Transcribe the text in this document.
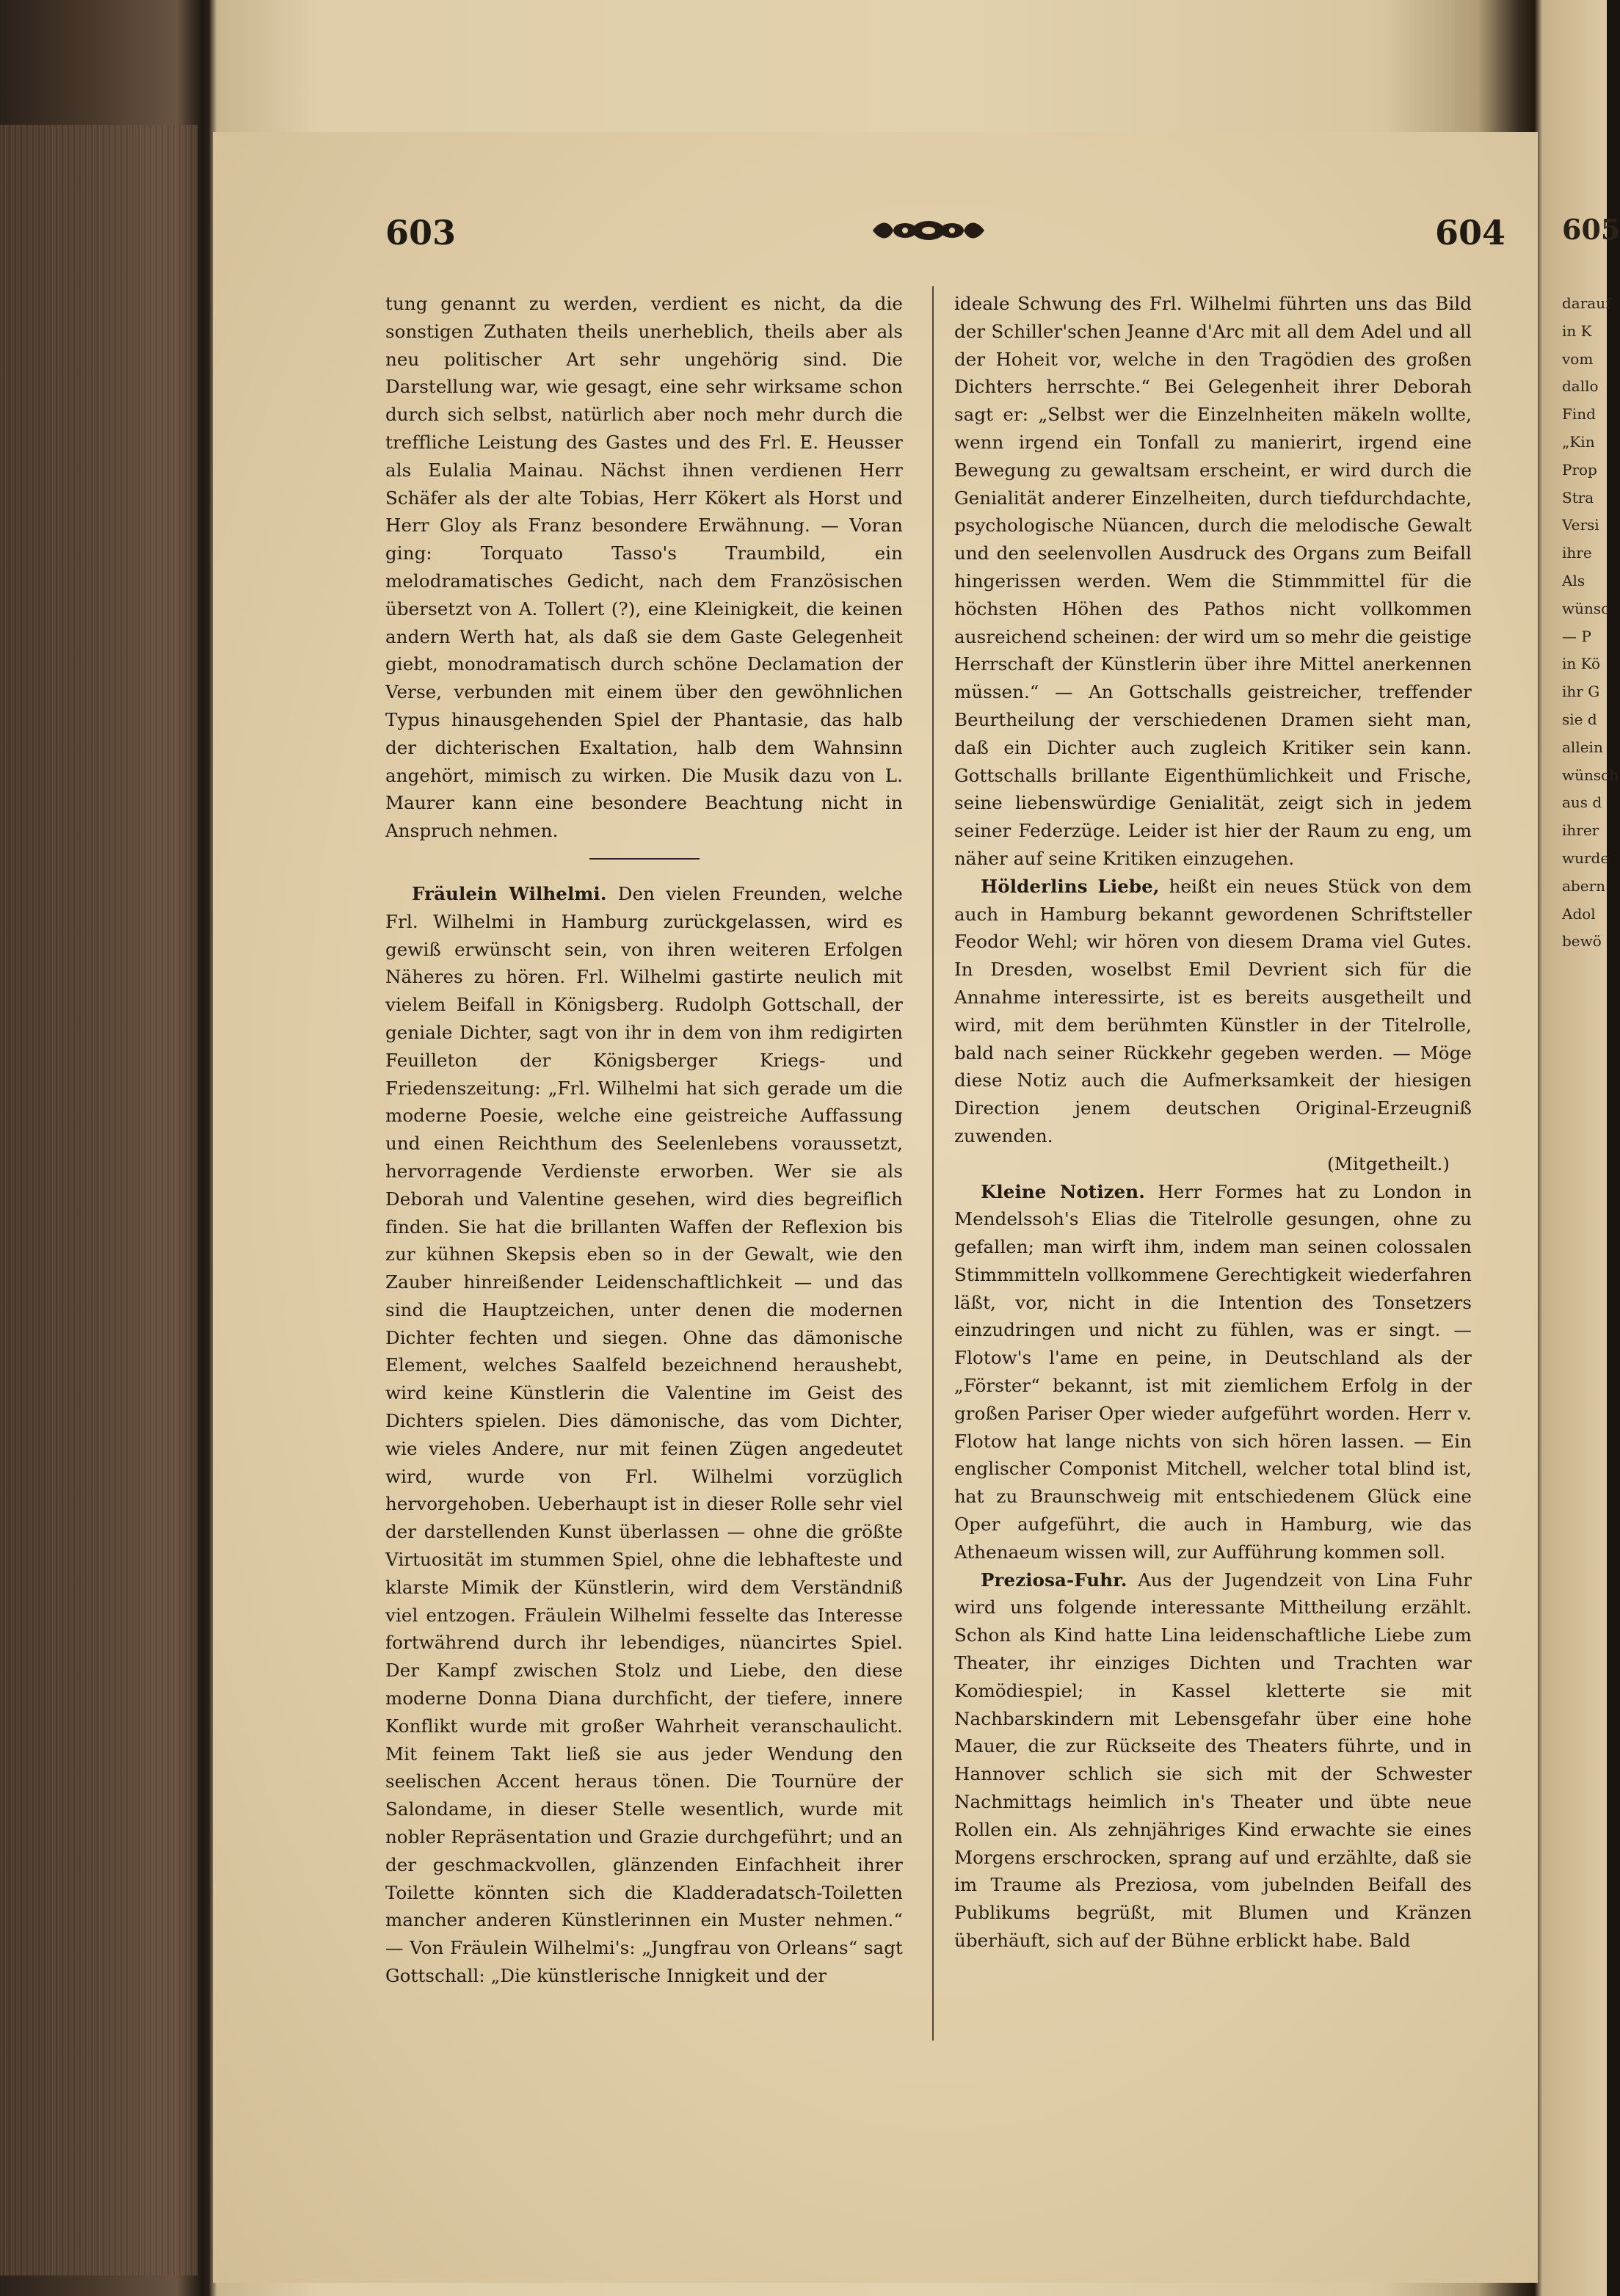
603	604

tung genannt zu werden, verdient es nicht, da die sonstigen Zuthaten theils unerheblich, theils aber als neu politischer Art sehr ungehörig sind. Die Darstellung war, wie gesagt, eine sehr wirksame schon durch sich selbst, natürlich aber noch mehr durch die treffliche Leistung des Gastes und des Frl. E. Heusser als Eulalia Mainau. Nächst ihnen verdienen Herr Schäfer als der alte Tobias, Herr Kökert als Horst und Herr Gloy als Franz besondere Erwähnung. — Voran ging: Torquato Tasso's Traumbild, ein melodramatisches Gedicht, nach dem Französischen übersetzt von A. Tollert (?), eine Kleinigkeit, die keinen andern Werth hat, als daß sie dem Gaste Gelegenheit giebt, monodramatisch durch schöne Declamation der Verse, verbunden mit einem über den gewöhnlichen Typus hinausgehenden Spiel der Phantasie, das halb der dichterischen Exaltation, halb dem Wahnsinn angehört, mimisch zu wirken. Die Musik dazu von L. Maurer kann eine besondere Beachtung nicht in Anspruch nehmen.

Fräulein Wilhelmi. Den vielen Freunden, welche Frl. Wilhelmi in Hamburg zurückgelassen, wird es gewiß erwünscht sein, von ihren weiteren Erfolgen Näheres zu hören. Frl. Wilhelmi gastirte neulich mit vielem Beifall in Königsberg. Rudolph Gottschall, der geniale Dichter, sagt von ihr in dem von ihm redigirten Feuilleton der Königsberger Kriegs- und Friedenszeitung: „Frl. Wilhelmi hat sich gerade um die moderne Poesie, welche eine geistreiche Auffassung und einen Reichthum des Seelenlebens voraussetzt, hervorragende Verdienste erworben. Wer sie als Deborah und Valentine gesehen, wird dies begreiflich finden. Sie hat die brillanten Waffen der Reflexion bis zur kühnen Skepsis eben so in der Gewalt, wie den Zauber hinreißender Leidenschaftlichkeit — und das sind die Hauptzeichen, unter denen die modernen Dichter fechten und siegen. Ohne das dämonische Element, welches Saalfeld bezeichnend heraushebt, wird keine Künstlerin die Valentine im Geist des Dichters spielen. Dies dämonische, das vom Dichter, wie vieles Andere, nur mit feinen Zügen angedeutet wird, wurde von Frl. Wilhelmi vorzüglich hervorgehoben. Ueberhaupt ist in dieser Rolle sehr viel der darstellenden Kunst überlassen — ohne die größte Virtuosität im stummen Spiel, ohne die lebhafteste und klarste Mimik der Künstlerin, wird dem Verständniß viel entzogen. Fräulein Wilhelmi fesselte das Interesse fortwährend durch ihr lebendiges, nüancirtes Spiel. Der Kampf zwischen Stolz und Liebe, den diese moderne Donna Diana durchficht, der tiefere, innere Konflikt wurde mit großer Wahrheit veranschaulicht. Mit feinem Takt ließ sie aus jeder Wendung den seelischen Accent heraus tönen. Die Tournüre der Salondame, in dieser Stelle wesentlich, wurde mit nobler Repräsentation und Grazie durchgeführt; und an der geschmackvollen, glänzenden Einfachheit ihrer Toilette könnten sich die Kladderadatsch-Toiletten mancher anderen Künstlerinnen ein Muster nehmen.“ — Von Fräulein Wilhelmi's: „Jungfrau von Orleans“ sagt Gottschall: „Die künstlerische Innigkeit und der

ideale Schwung des Frl. Wilhelmi führten uns das Bild der Schiller'schen Jeanne d'Arc mit all dem Adel und all der Hoheit vor, welche in den Tragödien des großen Dichters herrschte.“ Bei Gelegenheit ihrer Deborah sagt er: „Selbst wer die Einzelnheiten mäkeln wollte, wenn irgend ein Tonfall zu manierirt, irgend eine Bewegung zu gewaltsam erscheint, er wird durch die Genialität anderer Einzelheiten, durch tiefdurchdachte, psychologische Nüancen, durch die melodische Gewalt und den seelenvollen Ausdruck des Organs zum Beifall hingerissen werden. Wem die Stimmmittel für die höchsten Höhen des Pathos nicht vollkommen ausreichend scheinen: der wird um so mehr die geistige Herrschaft der Künstlerin über ihre Mittel anerkennen müssen.“ — An Gottschalls geistreicher, treffender Beurtheilung der verschiedenen Dramen sieht man, daß ein Dichter auch zugleich Kritiker sein kann. Gottschalls brillante Eigenthümlichkeit und Frische, seine liebenswürdige Genialität, zeigt sich in jedem seiner Federzüge. Leider ist hier der Raum zu eng, um näher auf seine Kritiken einzugehen.

Hölderlins Liebe, heißt ein neues Stück von dem auch in Hamburg bekannt gewordenen Schriftsteller Feodor Wehl; wir hören von diesem Drama viel Gutes. In Dresden, woselbst Emil Devrient sich für die Annahme interessirte, ist es bereits ausgetheilt und wird, mit dem berühmten Künstler in der Titelrolle, bald nach seiner Rückkehr gegeben werden. — Möge diese Notiz auch die Aufmerksamkeit der hiesigen Direction jenem deutschen Original-Erzeugniß zuwenden.

(Mitgetheilt.)

Kleine Notizen. Herr Formes hat zu London in Mendelssoh's Elias die Titelrolle gesungen, ohne zu gefallen; man wirft ihm, indem man seinen colossalen Stimmmitteln vollkommene Gerechtigkeit wiederfahren läßt, vor, nicht in die Intention des Tonsetzers einzudringen und nicht zu fühlen, was er singt. — Flotow's l'ame en peine, in Deutschland als der „Förster“ bekannt, ist mit ziemlichem Erfolg in der großen Pariser Oper wieder aufgeführt worden. Herr v. Flotow hat lange nichts von sich hören lassen. — Ein englischer Componist Mitchell, welcher total blind ist, hat zu Braunschweig mit entschiedenem Glück eine Oper aufgeführt, die auch in Hamburg, wie das Athenaeum wissen will, zur Aufführung kommen soll.

Preziosa-Fuhr. Aus der Jugendzeit von Lina Fuhr wird uns folgende interessante Mittheilung erzählt. Schon als Kind hatte Lina leidenschaftliche Liebe zum Theater, ihr einziges Dichten und Trachten war Komödiespiel; in Kassel kletterte sie mit Nachbarskindern mit Lebensgefahr über eine hohe Mauer, die zur Rückseite des Theaters führte, und in Hannover schlich sie sich mit der Schwester Nachmittags heimlich in's Theater und übte neue Rollen ein. Als zehnjähriges Kind erwachte sie eines Morgens erschrocken, sprang auf und erzählte, daß sie im Traume als Preziosa, vom jubelnden Beifall des Publikums begrüßt, mit Blumen und Kränzen überhäuft, sich auf der Bühne erblickt habe. Bald

605
darauf
in K
vom
dallo
Find
„Kin
Prop
Stra
Versi
ihre
Als
wünsc
— P
in Kö
ihr G
sie d
allein
wünsch
aus d
ihrer
wurde
abern
Adol
bewö
